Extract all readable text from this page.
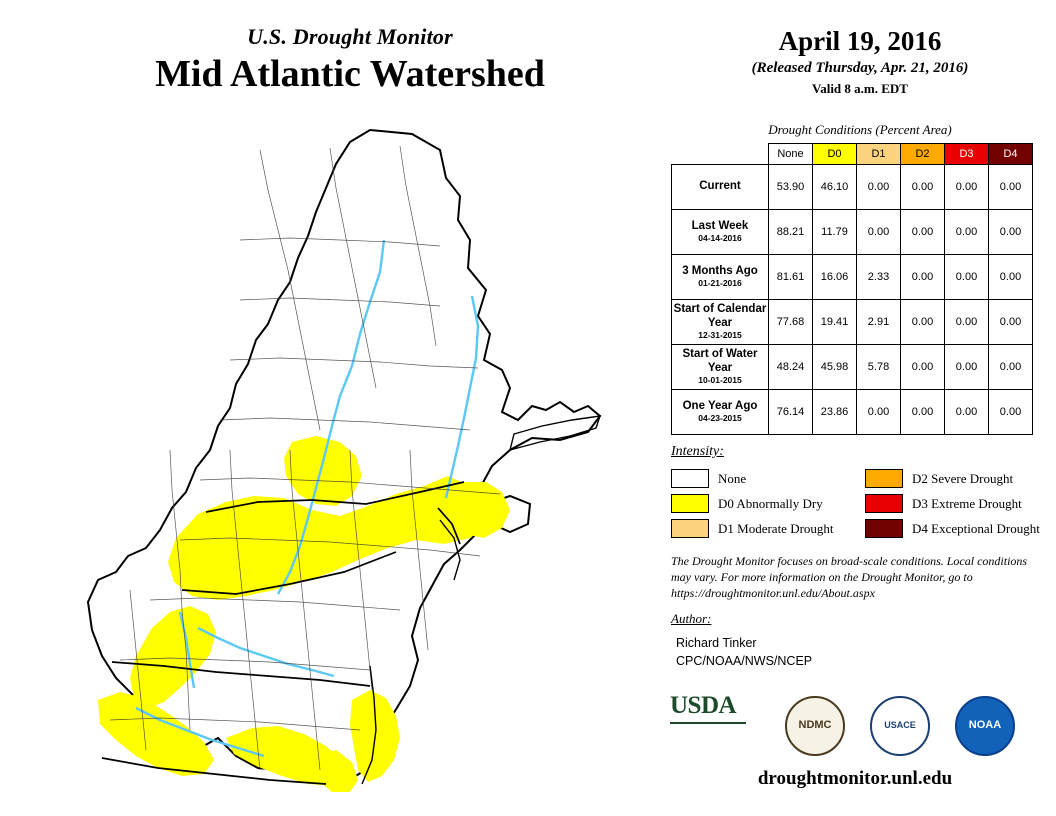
U.S. Drought Monitor
Mid Atlantic Watershed
April 19, 2016
(Released Thursday, Apr. 21, 2016)
Valid 8 a.m. EDT
Drought Conditions (Percent Area)
	None	D0	D1	D2	D3	D4
Current	53.90	46.10	0.00	0.00	0.00	0.00
Last Week
04-14-2016	88.21	11.79	0.00	0.00	0.00	0.00
3 Months Ago
01-21-2016	81.61	16.06	2.33	0.00	0.00	0.00
Start of Calendar Year
12-31-2015	77.68	19.41	2.91	0.00	0.00	0.00
Start of Water Year
10-01-2015	48.24	45.98	5.78	0.00	0.00	0.00
One Year Ago
04-23-2015	76.14	23.86	0.00	0.00	0.00	0.00
Intensity:
None
D0 Abnormally Dry
D1 Moderate Drought
D2 Severe Drought
D3 Extreme Drought
D4 Exceptional Drought
The Drought Monitor focuses on broad-scale conditions. Local conditions may vary. For more information on the Drought Monitor, go to https://droughtmonitor.unl.edu/About.aspx
Author:
Richard Tinker
CPC/NOAA/NWS/NCEP
USDA
NDMC	USACE	NOAA
droughtmonitor.unl.edu
